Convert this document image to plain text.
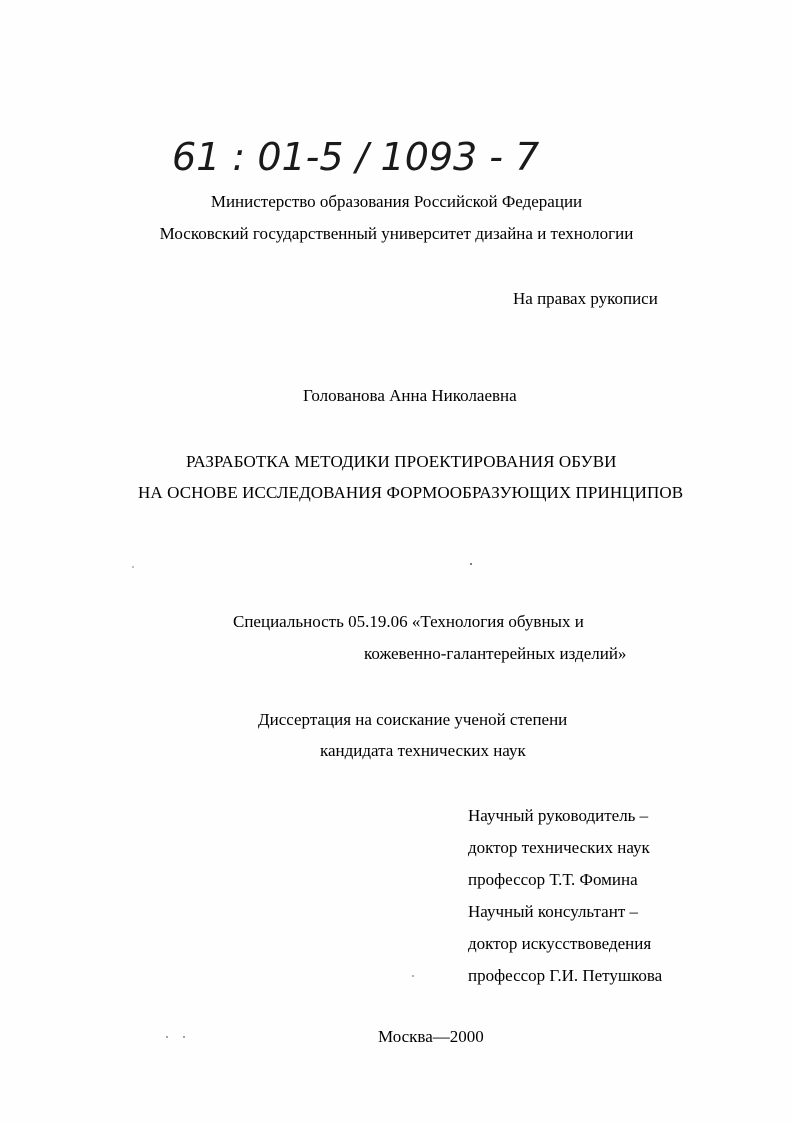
61 : 01-5 / 1093 - 7
Министерство образования Российской Федерации
Московский государственный университет дизайна и технологии
На правах рукописи
Голованова Анна Николаевна
РАЗРАБОТКА МЕТОДИКИ ПРОЕКТИРОВАНИЯ ОБУВИ
НА ОСНОВЕ ИССЛЕДОВАНИЯ ФОРМООБРАЗУЮЩИХ ПРИНЦИПОВ
Специальность 05.19.06 «Технология обувных и
кожевенно-галантерейных изделий»
Диссертация на соискание ученой степени
кандидата технических наук
Научный руководитель –
доктор технических наук
профессор Т.Т. Фомина
Научный консультант –
доктор искусствоведения
профессор Г.И. Петушкова
Москва—2000
